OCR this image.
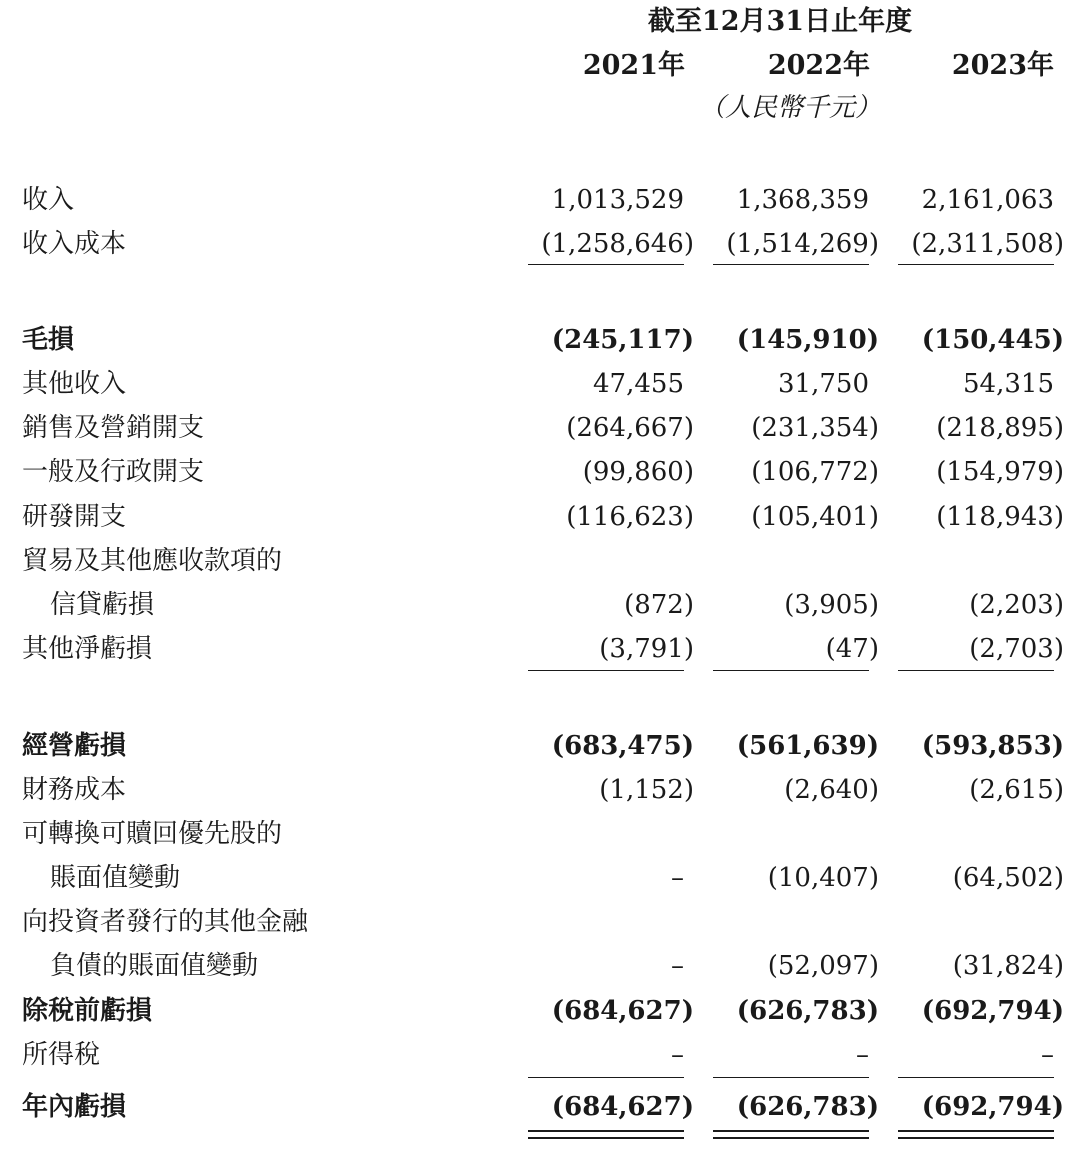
截至12月31日止年度
2021年	2022年	2023年
（人民幣千元）
收入	1,013,529 1,368,359 2,161,063
收入成本	(1,258,646) (1,514,269) (2,311,508)
毛損	(245,117) (145,910) (150,445)
其他收入	47,455	31,750	54,315
銷售及營銷開支	(264,667) (231,354) (218,895)
一般及行政開支	(99,860) (106,772) (154,979)
研發開支	(116,623) (105,401) (118,943)
貿易及其他應收款項的
信貸虧損	(872)	(3,905)	(2,203)
其他淨虧損	(3,791)	(47)	(2,703)
經營虧損	(683,475) (561,639) (593,853)
財務成本	(1,152)	(2,640)	(2,615)
可轉換可贖回優先股的
賬面值變動	–	(10,407)	(64,502)
向投資者發行的其他金融
負債的賬面值變動	–	(52,097)	(31,824)
除稅前虧損	(684,627) (626,783) (692,794)
所得稅	–	–	–
年內虧損	(684,627) (626,783) (692,794)
